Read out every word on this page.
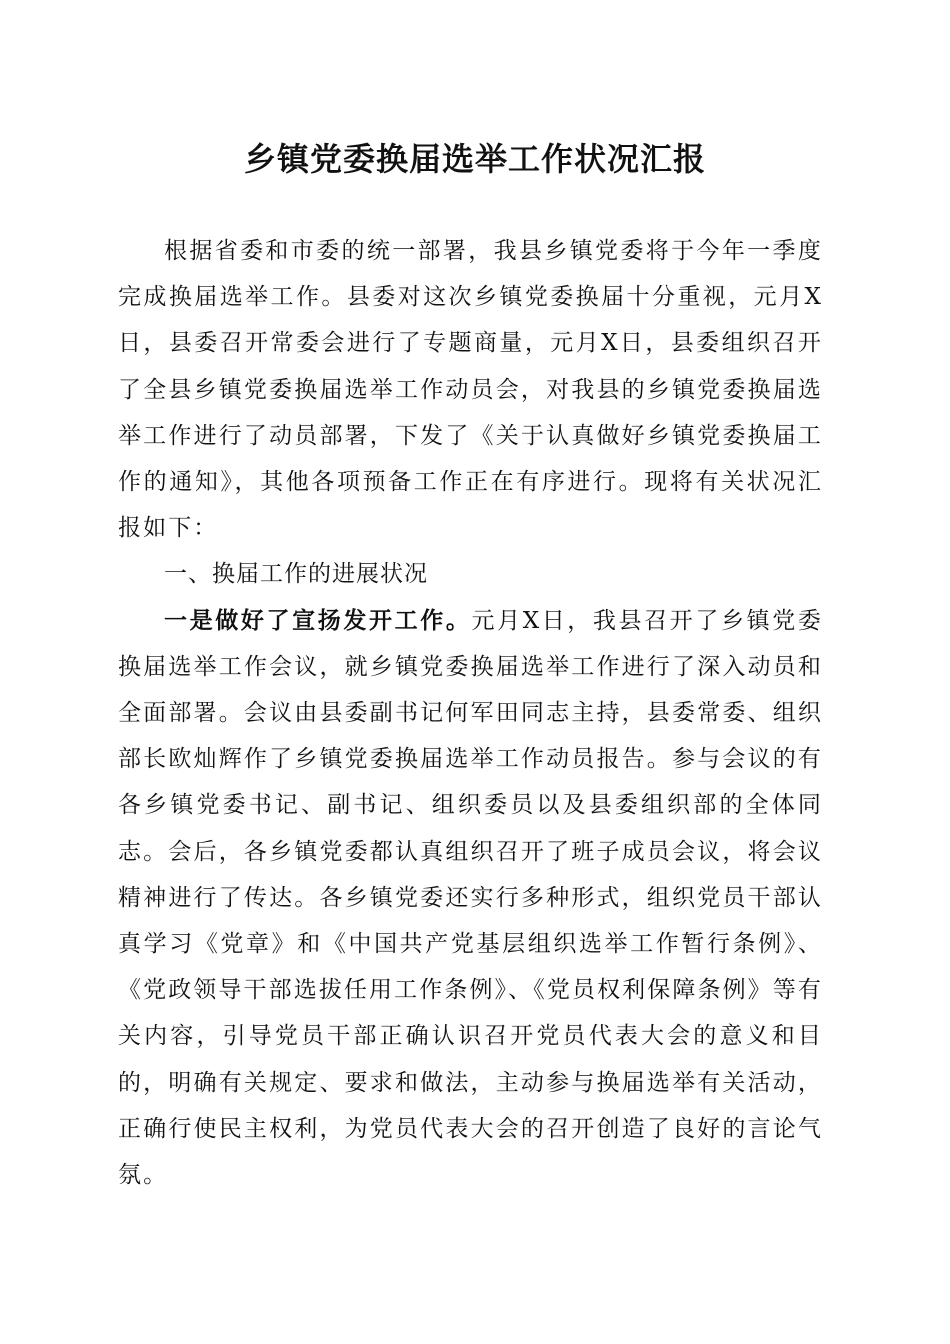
乡镇党委换届选举工作状况汇报

根据省委和市委的统一部署，我县乡镇党委将于今年一季度完成换届选举工作。县委对这次乡镇党委换届十分重视，元月X日，县委召开常委会进行了专题商量，元月X日，县委组织召开了全县乡镇党委换届选举工作动员会，对我县的乡镇党委换届选举工作进行了动员部署，下发了《关于认真做好乡镇党委换届工作的通知》，其他各项预备工作正在有序进行。现将有关状况汇报如下：

一、换届工作的进展状况

一是做好了宣扬发开工作。元月X日，我县召开了乡镇党委换届选举工作会议，就乡镇党委换届选举工作进行了深入动员和全面部署。会议由县委副书记何军田同志主持，县委常委、组织部长欧灿辉作了乡镇党委换届选举工作动员报告。参与会议的有各乡镇党委书记、副书记、组织委员以及县委组织部的全体同志。会后，各乡镇党委都认真组织召开了班子成员会议，将会议精神进行了传达。各乡镇党委还实行多种形式，组织党员干部认真学习《党章》和《中国共产党基层组织选举工作暂行条例》、《党政领导干部选拔任用工作条例》、《党员权利保障条例》等有关内容，引导党员干部正确认识召开党员代表大会的意义和目的，明确有关规定、要求和做法，主动参与换届选举有关活动，正确行使民主权利，为党员代表大会的召开创造了良好的言论气氛。
